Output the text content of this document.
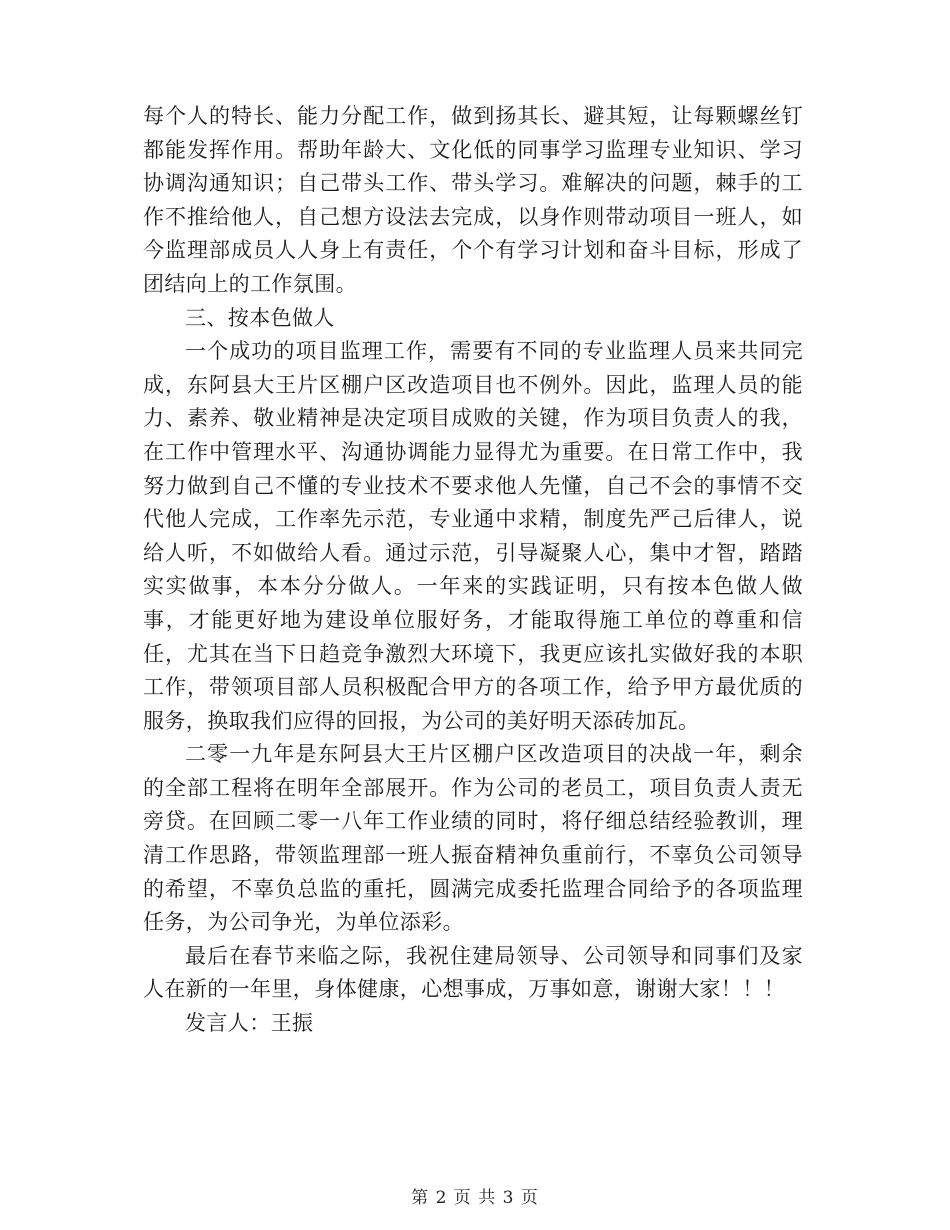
每个人的特长、能力分配工作，做到扬其长、避其短，让每颗螺丝钉都能发挥作用。帮助年龄大、文化低的同事学习监理专业知识、学习协调沟通知识；自己带头工作、带头学习。难解决的问题，棘手的工作不推给他人，自己想方设法去完成，以身作则带动项目一班人，如今监理部成员人人身上有责任，个个有学习计划和奋斗目标，形成了团结向上的工作氛围。

三、按本色做人

一个成功的项目监理工作，需要有不同的专业监理人员来共同完成，东阿县大王片区棚户区改造项目也不例外。因此，监理人员的能力、素养、敬业精神是决定项目成败的关键，作为项目负责人的我，在工作中管理水平、沟通协调能力显得尤为重要。在日常工作中，我努力做到自己不懂的专业技术不要求他人先懂，自己不会的事情不交代他人完成，工作率先示范，专业通中求精，制度先严己后律人，说给人听，不如做给人看。通过示范，引导凝聚人心，集中才智，踏踏实实做事，本本分分做人。一年来的实践证明，只有按本色做人做事，才能更好地为建设单位服好务，才能取得施工单位的尊重和信任，尤其在当下日趋竞争激烈大环境下，我更应该扎实做好我的本职工作，带领项目部人员积极配合甲方的各项工作，给予甲方最优质的服务，换取我们应得的回报，为公司的美好明天添砖加瓦。

二零一九年是东阿县大王片区棚户区改造项目的决战一年，剩余的全部工程将在明年全部展开。作为公司的老员工，项目负责人责无旁贷。在回顾二零一八年工作业绩的同时，将仔细总结经验教训，理清工作思路，带领监理部一班人振奋精神负重前行，不辜负公司领导的希望，不辜负总监的重托，圆满完成委托监理合同给予的各项监理任务，为公司争光，为单位添彩。

最后在春节来临之际，我祝住建局领导、公司领导和同事们及家人在新的一年里，身体健康，心想事成，万事如意，谢谢大家！！！

发言人：王振

第 2 页 共 3 页
